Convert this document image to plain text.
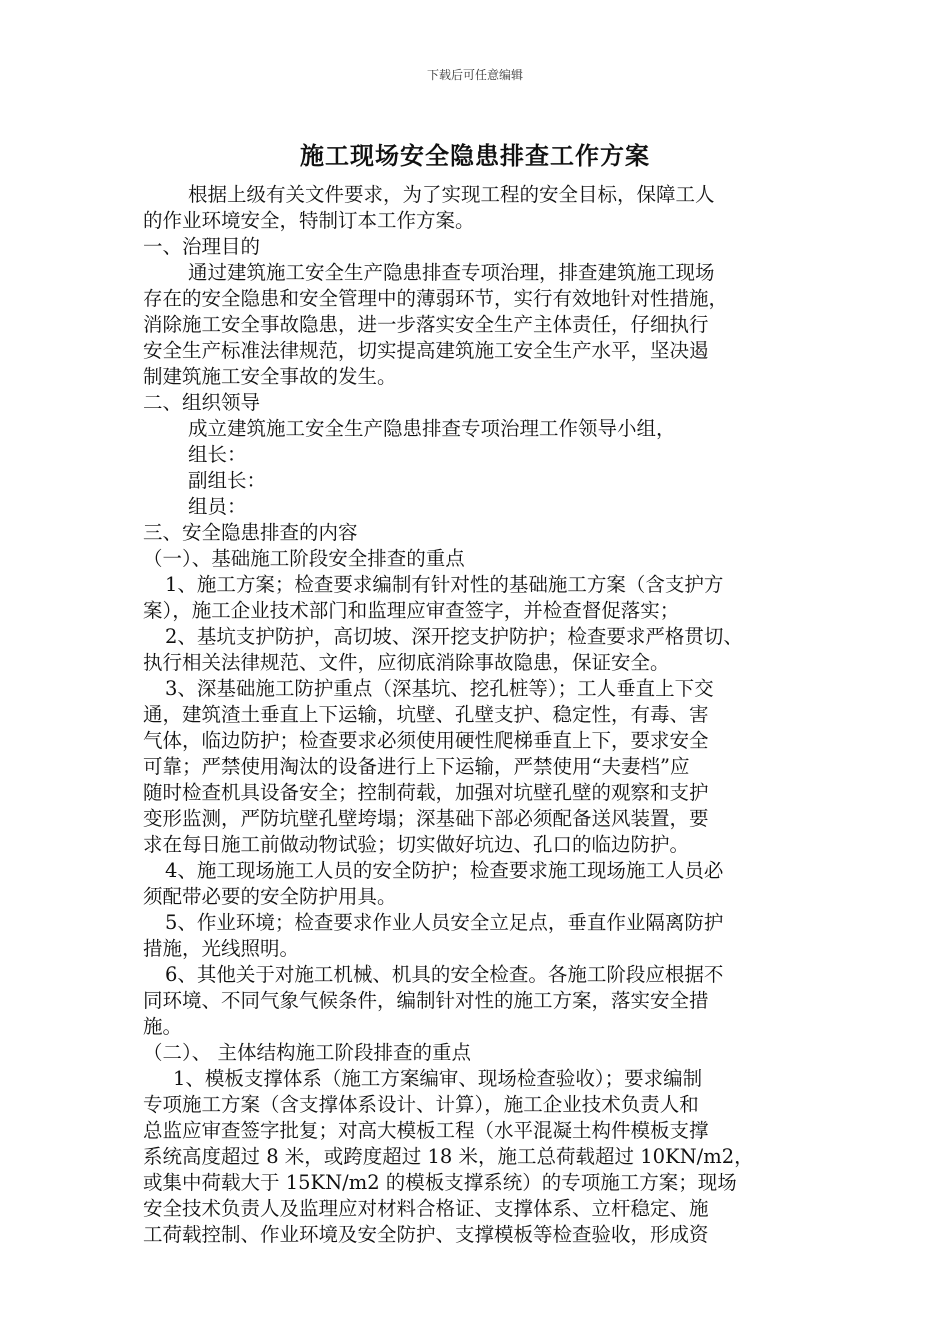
下载后可任意编辑
施工现场安全隐患排查工作方案
根据上级有关文件要求，为了实现工程的安全目标，保障工人
的作业环境安全，特制订本工作方案。
一、治理目的
通过建筑施工安全生产隐患排查专项治理，排查建筑施工现场
存在的安全隐患和安全管理中的薄弱环节，实行有效地针对性措施，
消除施工安全事故隐患，进一步落实安全生产主体责任，仔细执行
安全生产标准法律规范，切实提高建筑施工安全生产水平，坚决遏
制建筑施工安全事故的发生。
二、组织领导
成立建筑施工安全生产隐患排查专项治理工作领导小组，
组长：
副组长：
组员：
三、安全隐患排查的内容
（一）、基础施工阶段安全排查的重点
1、施工方案；检查要求编制有针对性的基础施工方案（含支护方
案），施工企业技术部门和监理应审查签字，并检查督促落实；
2、基坑支护防护，高切坡、深开挖支护防护；检查要求严格贯切、
执行相关法律规范、文件，应彻底消除事故隐患，保证安全。
3、深基础施工防护重点（深基坑、挖孔桩等）；工人垂直上下交
通，建筑渣土垂直上下运输，坑壁、孔壁支护、稳定性，有毒、害
气体，临边防护；检查要求必须使用硬性爬梯垂直上下，要求安全
可靠；严禁使用淘汰的设备进行上下运输，严禁使用“夫妻档”应
随时检查机具设备安全；控制荷载，加强对坑壁孔壁的观察和支护
变形监测，严防坑壁孔壁垮塌；深基础下部必须配备送风装置，要
求在每日施工前做动物试验；切实做好坑边、孔口的临边防护。
4、施工现场施工人员的安全防护；检查要求施工现场施工人员必
须配带必要的安全防护用具。
5、作业环境；检查要求作业人员安全立足点，垂直作业隔离防护
措施，光线照明。
6、其他关于对施工机械、机具的安全检查。各施工阶段应根据不
同环境、不同气象气候条件，编制针对性的施工方案，落实安全措
施。
（二）、 主体结构施工阶段排查的重点
1、模板支撑体系（施工方案编审、现场检查验收）；要求编制
专项施工方案（含支撑体系设计、计算），施工企业技术负责人和
总监应审查签字批复；对高大模板工程（水平混凝土构件模板支撑
系统高度超过 8 米，或跨度超过 18 米，施工总荷载超过 10KN/m2，
或集中荷载大于 15KN/m2 的模板支撑系统）的专项施工方案；现场
安全技术负责人及监理应对材料合格证、支撑体系、立杆稳定、施
工荷载控制、作业环境及安全防护、支撑模板等检查验收，形成资
